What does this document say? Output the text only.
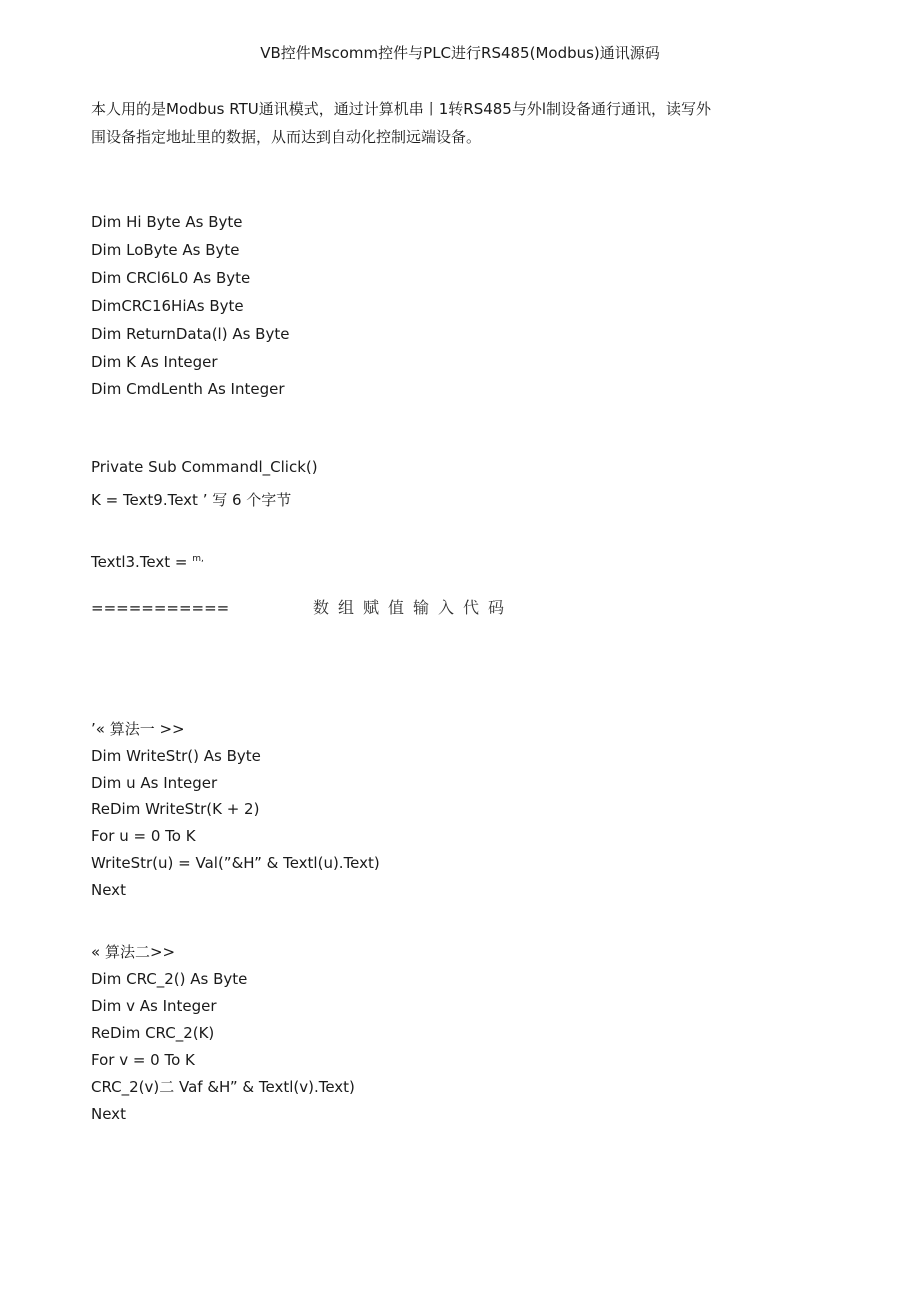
VB控件Mscomm控件与PLC进行RS485(Modbus)通讯源码
本人用的是Modbus RTU通讯模式，通过计算机串丨1转RS485与外l制设备通行通讯，读写外
围设备指定地址里的数据，从而达到自动化控制远端设备。
Dim Hi Byte As Byte
Dim LoByte As Byte
Dim CRCl6L0 As Byte
DimCRC16HiAs Byte
Dim ReturnData(l) As Byte
Dim K As Integer
Dim CmdLenth As Integer
Private Sub Commandl_Click()
K = Text9.Text ’ 写 6 个字节
Textl3.Text = $^{m,}$
===========	数组赋值输入代码
’« 算法一 >>
Dim WriteStr() As Byte
Dim u As Integer
ReDim WriteStr(K + 2)
For u = 0 To K
WriteStr(u) = Val(”&H” & Textl(u).Text)
Next
« 算法二>>
Dim CRC_2() As Byte
Dim v As Integer
ReDim CRC_2(K)
For v = 0 To K
CRC_2(v)二 Vaf &H” & Textl(v).Text)
Next
